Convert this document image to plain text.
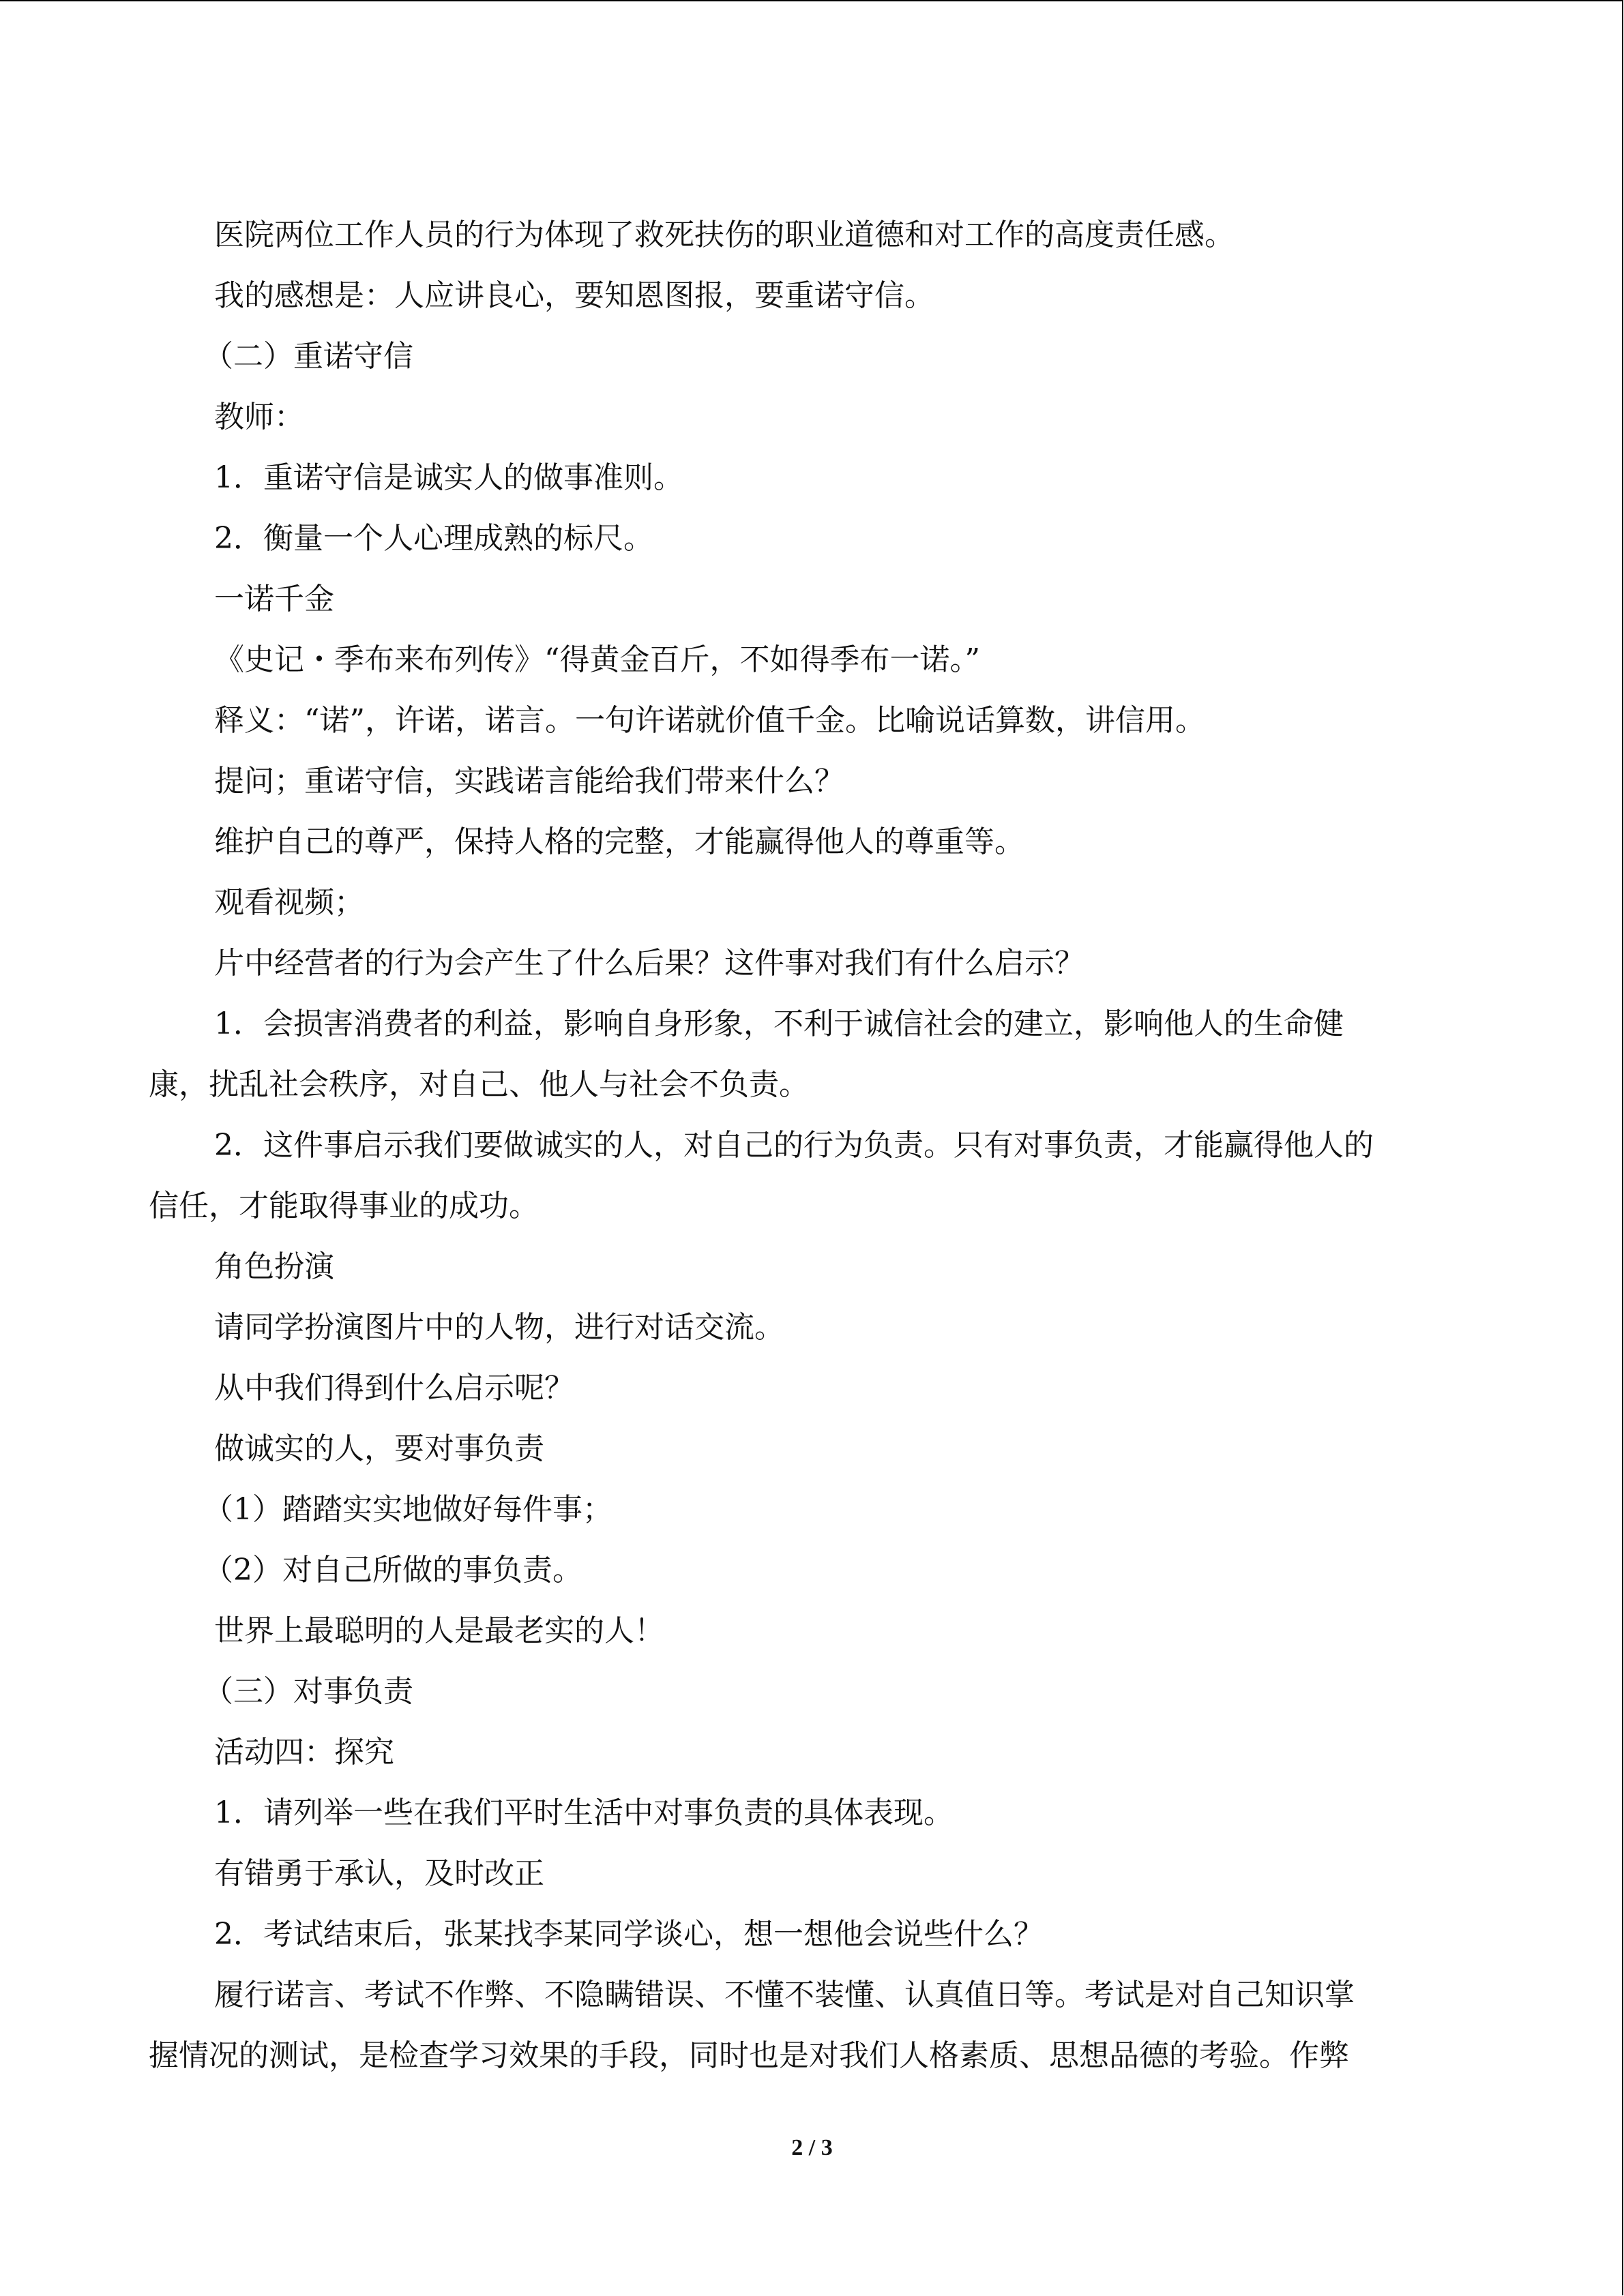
医院两位工作人员的行为体现了救死扶伤的职业道德和对工作的高度责任感。
我的感想是：人应讲良心，要知恩图报，要重诺守信。
（二）重诺守信
教师：
1．重诺守信是诚实人的做事准则。
2．衡量一个人心理成熟的标尺。
一诺千金
《史记・季布来布列传》“得黄金百斤，不如得季布一诺。”
释义：“诺”，许诺，诺言。一句许诺就价值千金。比喻说话算数，讲信用。
提问；重诺守信，实践诺言能给我们带来什么？
维护自己的尊严，保持人格的完整，才能赢得他人的尊重等。
观看视频；
片中经营者的行为会产生了什么后果？这件事对我们有什么启示？
1．会损害消费者的利益，影响自身形象，不利于诚信社会的建立，影响他人的生命健
康，扰乱社会秩序，对自己、他人与社会不负责。
2．这件事启示我们要做诚实的人，对自己的行为负责。只有对事负责，才能赢得他人的
信任，才能取得事业的成功。
角色扮演
请同学扮演图片中的人物，进行对话交流。
从中我们得到什么启示呢？
做诚实的人，要对事负责
（1）踏踏实实地做好每件事；
（2）对自己所做的事负责。
世界上最聪明的人是最老实的人！
（三）对事负责
活动四：探究
1．请列举一些在我们平时生活中对事负责的具体表现。
有错勇于承认，及时改正
2．考试结束后，张某找李某同学谈心，想一想他会说些什么？
履行诺言、考试不作弊、不隐瞒错误、不懂不装懂、认真值日等。考试是对自己知识掌
握情况的测试，是检查学习效果的手段，同时也是对我们人格素质、思想品德的考验。作弊
2 / 3
